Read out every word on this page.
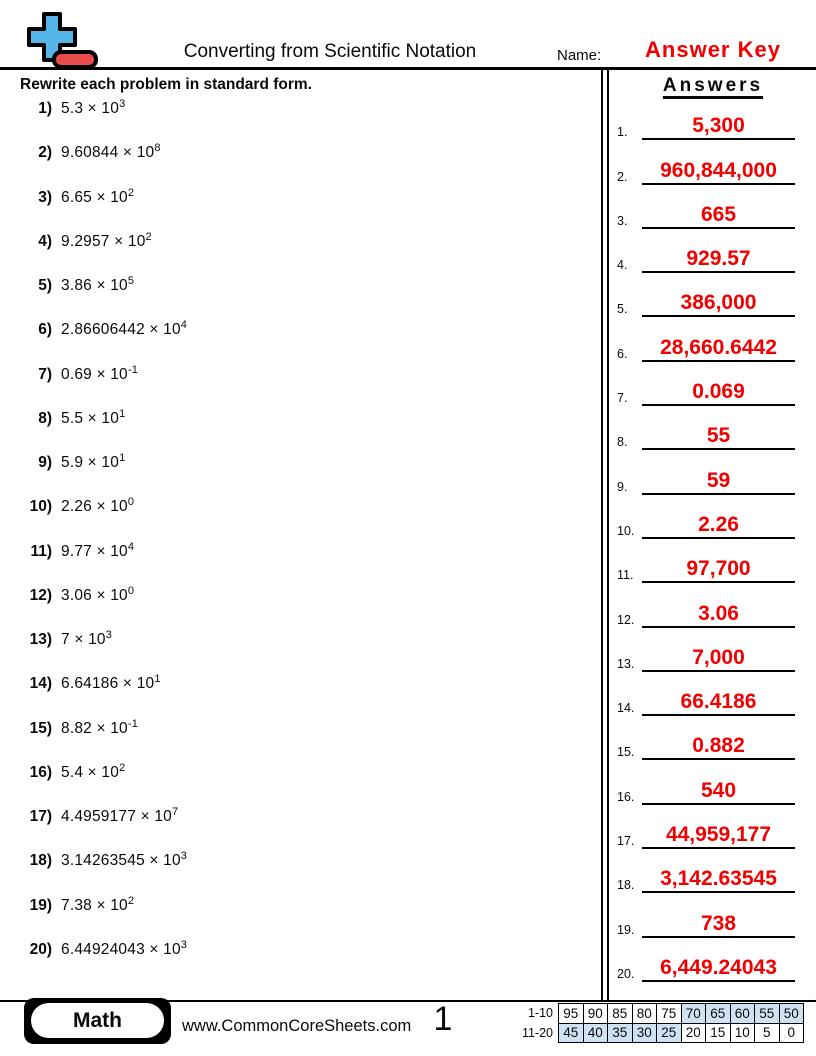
Converting from Scientific Notation	Name:	Answer Key
Rewrite each problem in standard form.
1) $5.3 \times 10^3$
2) $9.60844 \times 10^8$
3) $6.65 \times 10^2$
4) $9.2957 \times 10^2$
5) $3.86 \times 10^5$
6) $2.86606442 \times 10^4$
7) $0.69 \times 10^{-1}$
8) $5.5 \times 10^1$
9) $5.9 \times 10^1$
10) $2.26 \times 10^0$
11) $9.77 \times 10^4$
12) $3.06 \times 10^0$
13) $7 \times 10^3$
14) $6.64186 \times 10^1$
15) $8.82 \times 10^{-1}$
16) $5.4 \times 10^2$
17) $4.4959177 \times 10^7$
18) $3.14263545 \times 10^3$
19) $7.38 \times 10^2$
20) $6.44924043 \times 10^3$
Answers
1.	5,300
2.	960,844,000
3.	665
4.	929.57
5.	386,000
6.	28,660.6442
7.	0.069
8.	55
9.	59
10.	2.26
11.	97,700
12.	3.06
13.	7,000
14.	66.4186
15.	0.882
16.	540
17.	44,959,177
18.	3,142.63545
19.	738
20.	6,449.24043
Math	www.CommonCoreSheets.com 1	1-10	95	90	85	80	75	70	65	60	55	50
11-20	45	40	35	30	25	20	15	10	5	0
